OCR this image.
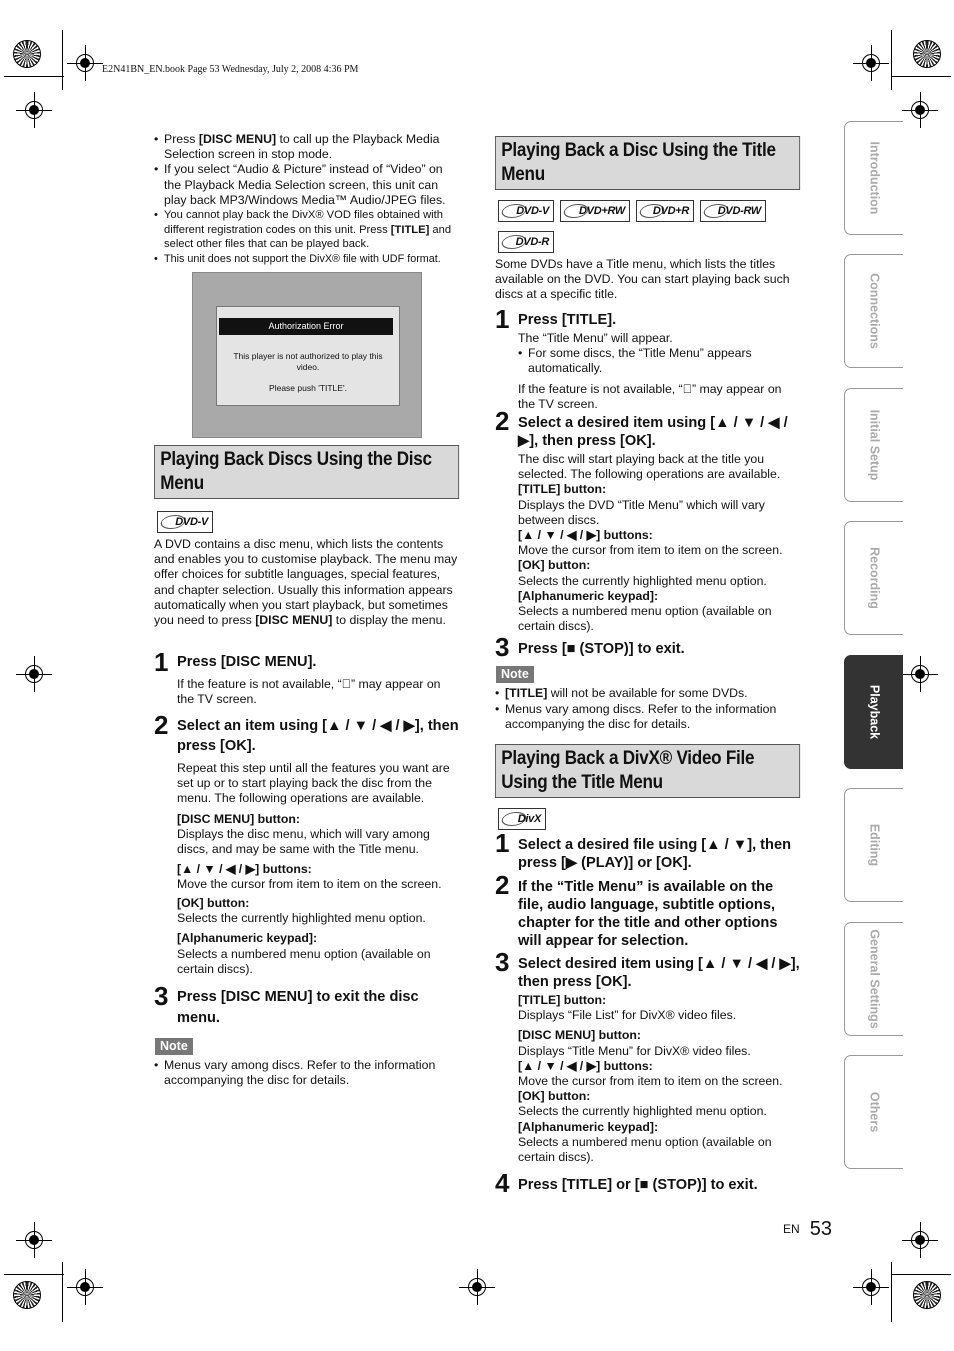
E2N41BN_EN.book Page 53 Wednesday, July 2, 2008 4:36 PM
• Press [DISC MENU] to call up the Playback Media Selection screen in stop mode.
• If you select “Audio & Picture” instead of “Video” on the Playback Media Selection screen, this unit can play back MP3/Windows Media™ Audio/JPEG files.
• You cannot play back the DivX® VOD files obtained with different registration codes on this unit. Press [TITLE] and select other files that can be played back.
• This unit does not support the DivX® file with UDF format.
Authorization Error
This player is not authorized to play this video.
Please push 'TITLE'.
Playing Back Discs Using the Disc Menu
DVD-V
A DVD contains a disc menu, which lists the contents and enables you to customise playback. The menu may offer choices for subtitle languages, special features, and chapter selection. Usually this information appears automatically when you start playback, but sometimes you need to press [DISC MENU] to display the menu.
1 Press [DISC MENU].
If the feature is not available, “⃠” may appear on the TV screen.
2 Select an item using [▲ / ▼ / ◀ / ▶], then press [OK].
Repeat this step until all the features you want are set up or to start playing back the disc from the menu. The following operations are available.
[DISC MENU] button:
Displays the disc menu, which will vary among discs, and may be same with the Title menu.
[▲ / ▼ / ◀ / ▶] buttons:
Move the cursor from item to item on the screen.
[OK] button:
Selects the currently highlighted menu option.
[Alphanumeric keypad]:
Selects a numbered menu option (available on certain discs).
3 Press [DISC MENU] to exit the disc menu.
Note
• Menus vary among discs. Refer to the information accompanying the disc for details.
Playing Back a Disc Using the Title Menu
DVD-V	DVD+RW	DVD+R	DVD-RW
DVD-R
Some DVDs have a Title menu, which lists the titles available on the DVD. You can start playing back such discs at a specific title.
1 Press [TITLE].
The “Title Menu” will appear.
• For some discs, the “Title Menu” appears automatically.
If the feature is not available, “⃠” may appear on the TV screen.
2 Select a desired item using [▲ / ▼ / ◀ / ▶], then press [OK].
The disc will start playing back at the title you selected. The following operations are available.
[TITLE] button:
Displays the DVD “Title Menu” which will vary between discs.
[▲ / ▼ / ◀ / ▶] buttons:
Move the cursor from item to item on the screen.
[OK] button:
Selects the currently highlighted menu option.
[Alphanumeric keypad]:
Selects a numbered menu option (available on certain discs).
3 Press [■ (STOP)] to exit.
Note
• [TITLE] will not be available for some DVDs.
• Menus vary among discs. Refer to the information accompanying the disc for details.
Playing Back a DivX® Video File Using the Title Menu
DivX
1 Select a desired file using [▲ / ▼], then press [▶ (PLAY)] or [OK].
2 If the “Title Menu” is available on the file, audio language, subtitle options, chapter for the title and other options will appear for selection.
3 Select desired item using [▲ / ▼ / ◀ / ▶], then press [OK].
[TITLE] button:
Displays “File List” for DivX® video files.
[DISC MENU] button:
Displays “Title Menu” for DivX® video files.
[▲ / ▼ / ◀ / ▶] buttons:
Move the cursor from item to item on the screen.
[OK] button:
Selects the currently highlighted menu option.
[Alphanumeric keypad]:
Selects a numbered menu option (available on certain discs).
4 Press [TITLE] or [■ (STOP)] to exit.
Introduction
Connections
Initial Setup
Recording
Playback
Editing
General Settings
Others
EN 53
